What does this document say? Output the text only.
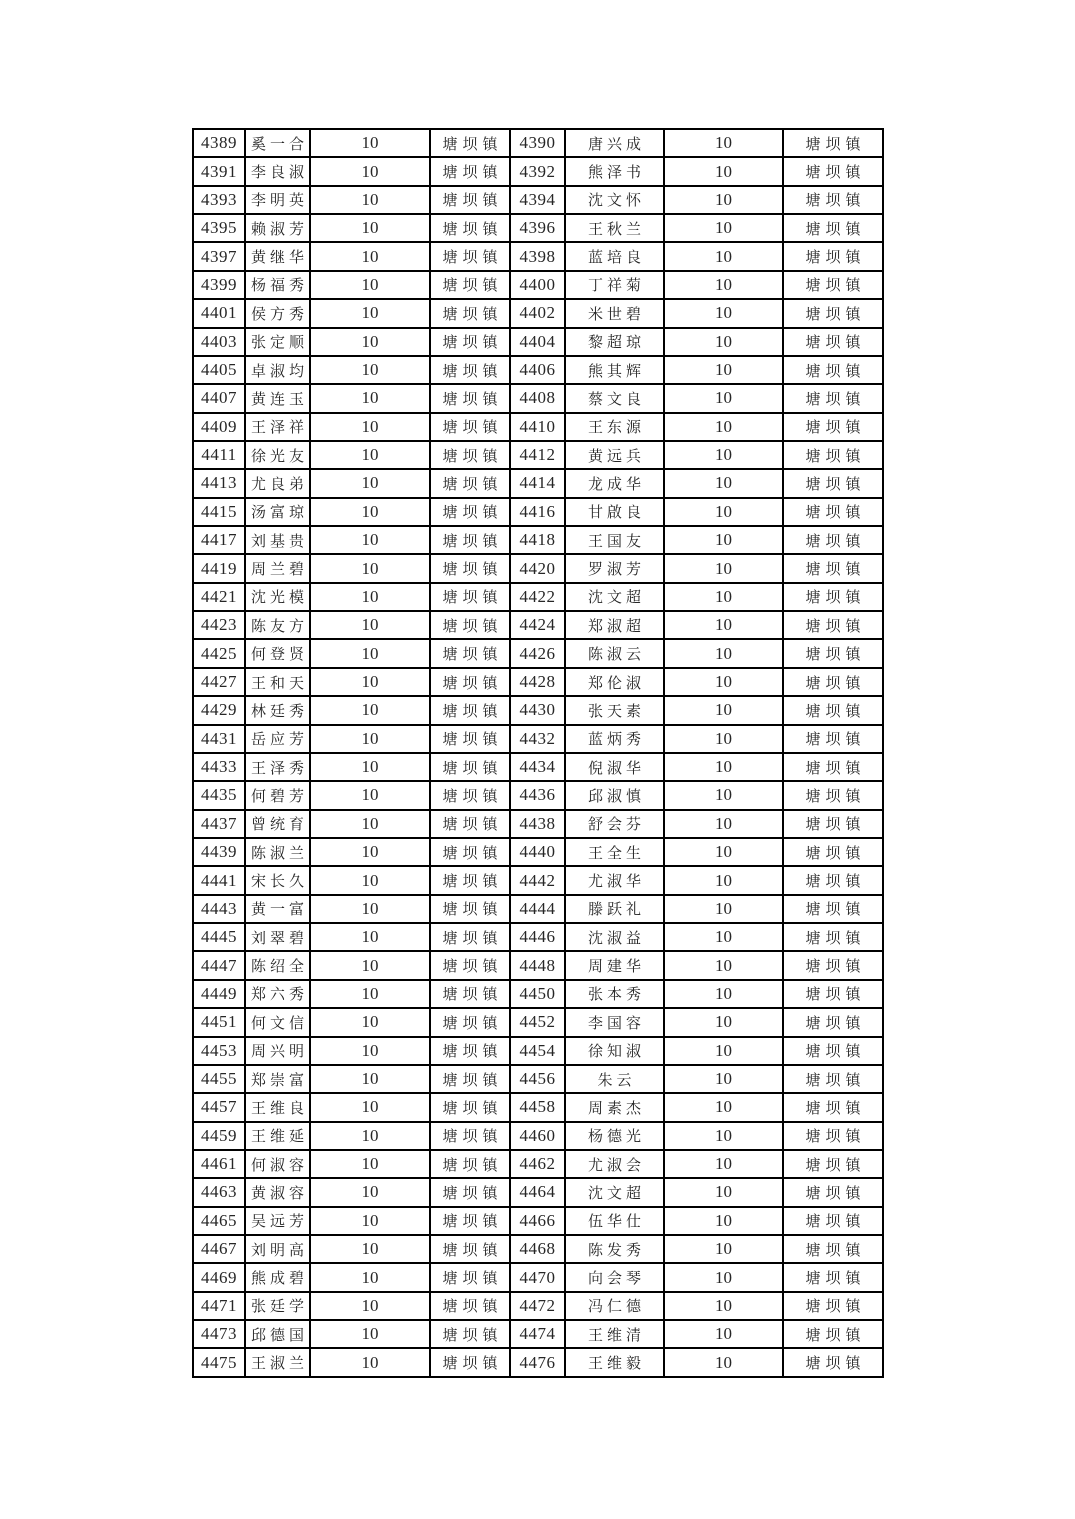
4389	奚一合	10	塘坝镇	4390	唐兴成	10	塘坝镇
4391	李良淑	10	塘坝镇	4392	熊泽书	10	塘坝镇
4393	李明英	10	塘坝镇	4394	沈文怀	10	塘坝镇
4395	赖淑芳	10	塘坝镇	4396	王秋兰	10	塘坝镇
4397	黄继华	10	塘坝镇	4398	蓝培良	10	塘坝镇
4399	杨福秀	10	塘坝镇	4400	丁祥菊	10	塘坝镇
4401	侯方秀	10	塘坝镇	4402	米世碧	10	塘坝镇
4403	张定顺	10	塘坝镇	4404	黎超琼	10	塘坝镇
4405	卓淑均	10	塘坝镇	4406	熊其辉	10	塘坝镇
4407	黄连玉	10	塘坝镇	4408	蔡文良	10	塘坝镇
4409	王泽祥	10	塘坝镇	4410	王东源	10	塘坝镇
4411	徐光友	10	塘坝镇	4412	黄远兵	10	塘坝镇
4413	尤良弟	10	塘坝镇	4414	龙成华	10	塘坝镇
4415	汤富琼	10	塘坝镇	4416	甘啟良	10	塘坝镇
4417	刘基贵	10	塘坝镇	4418	王国友	10	塘坝镇
4419	周兰碧	10	塘坝镇	4420	罗淑芳	10	塘坝镇
4421	沈光模	10	塘坝镇	4422	沈文超	10	塘坝镇
4423	陈友方	10	塘坝镇	4424	郑淑超	10	塘坝镇
4425	何登贤	10	塘坝镇	4426	陈淑云	10	塘坝镇
4427	王和天	10	塘坝镇	4428	郑伦淑	10	塘坝镇
4429	林廷秀	10	塘坝镇	4430	张天素	10	塘坝镇
4431	岳应芳	10	塘坝镇	4432	蓝炳秀	10	塘坝镇
4433	王泽秀	10	塘坝镇	4434	倪淑华	10	塘坝镇
4435	何碧芳	10	塘坝镇	4436	邱淑慎	10	塘坝镇
4437	曾统育	10	塘坝镇	4438	舒会芬	10	塘坝镇
4439	陈淑兰	10	塘坝镇	4440	王全生	10	塘坝镇
4441	宋长久	10	塘坝镇	4442	尤淑华	10	塘坝镇
4443	黄一富	10	塘坝镇	4444	滕跃礼	10	塘坝镇
4445	刘翠碧	10	塘坝镇	4446	沈淑益	10	塘坝镇
4447	陈绍全	10	塘坝镇	4448	周建华	10	塘坝镇
4449	郑六秀	10	塘坝镇	4450	张本秀	10	塘坝镇
4451	何文信	10	塘坝镇	4452	李国容	10	塘坝镇
4453	周兴明	10	塘坝镇	4454	徐知淑	10	塘坝镇
4455	郑崇富	10	塘坝镇	4456	朱云	10	塘坝镇
4457	王维良	10	塘坝镇	4458	周素杰	10	塘坝镇
4459	王维延	10	塘坝镇	4460	杨德光	10	塘坝镇
4461	何淑容	10	塘坝镇	4462	尤淑会	10	塘坝镇
4463	黄淑容	10	塘坝镇	4464	沈文超	10	塘坝镇
4465	吴远芳	10	塘坝镇	4466	伍华仕	10	塘坝镇
4467	刘明高	10	塘坝镇	4468	陈发秀	10	塘坝镇
4469	熊成碧	10	塘坝镇	4470	向会琴	10	塘坝镇
4471	张廷学	10	塘坝镇	4472	冯仁德	10	塘坝镇
4473	邱德国	10	塘坝镇	4474	王维清	10	塘坝镇
4475	王淑兰	10	塘坝镇	4476	王维毅	10	塘坝镇
